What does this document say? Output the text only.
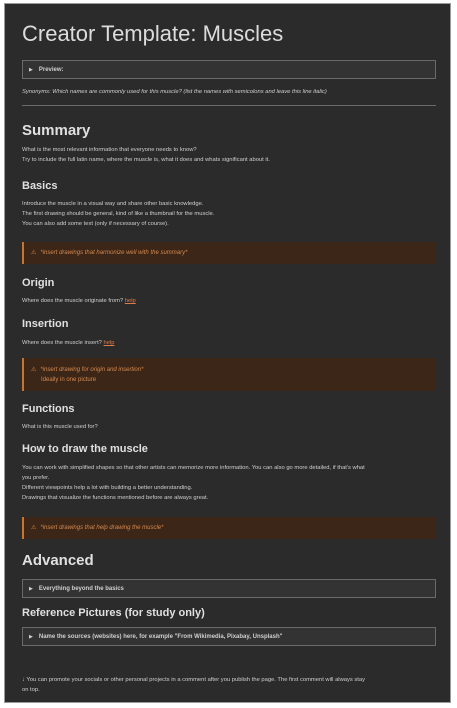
Creator Template: Muscles
▶ Preview:
Synonyms: Which names are commonly used for this muscle? (list the names with semicolons and leave this line italic)
Summary
What is the most relevant information that everyone needs to know?
Try to include the full latin name, where the muscle is, what it does and whats significant about it.
Basics
Introduce the muscle in a visual way and share other basic knowledge.
The first drawing should be general, kind of like a thumbnail for the muscle.
You can also add some text (only if necessary of course).
⚠ *insert drawings that harmonize well with the summary*
Origin
Where does the muscle originate from? help
Insertion
Where does the muscle insert? help
⚠ *insert drawing for origin and insertion*
Ideally in one picture
Functions
What is this muscle used for?
How to draw the muscle
You can work with simplified shapes so that other artists can memorize more information. You can also go more detailed, if that's what
you prefer.
Different viewpoints help a lot with building a better understanding.
Drawings that visualize the functions mentioned before are always great.
⚠ *insert drawings that help drawing the muscle*
Advanced
▶ Everything beyond the basics
Reference Pictures (for study only)
▶ Name the sources (websites) here, for example "From Wikimedia, Pixabay, Unsplash"
↓ You can promote your socials or other personal projects in a comment after you publish the page. The first comment will always stay
on top.
